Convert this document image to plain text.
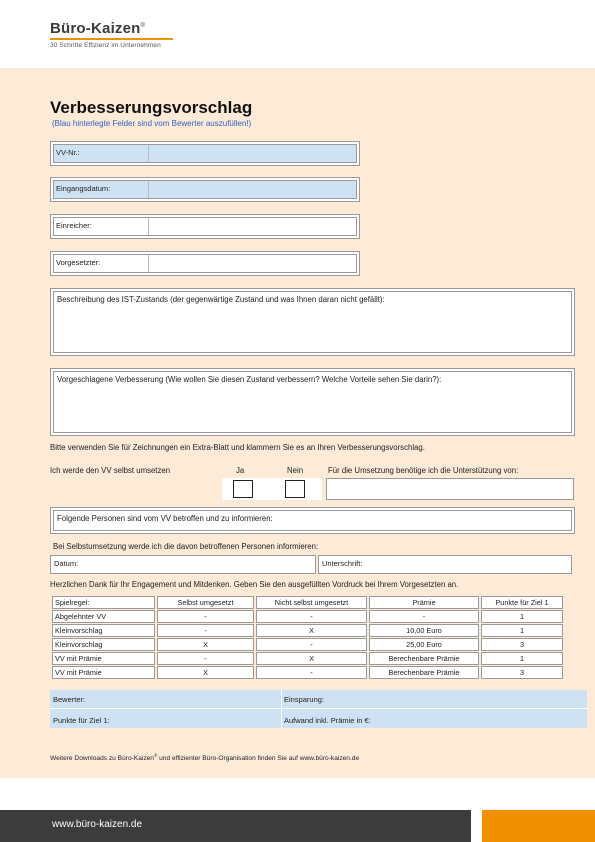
Büro-Kaizen®
30 Schritte Effizienz im Unternehmen
Verbesserungsvorschlag
(Blau hinterlegte Felder sind vom Bewerter auszufüllen!)
VV-Nr.:
Eingangsdatum:
Einreicher:
Vorgesetzter:
Beschreibung des IST-Zustands (der gegenwärtige Zustand und was Ihnen daran nicht gefällt):
Vorgeschlagene Verbesserung (Wie wollen Sie diesen Zustand verbessern? Welche Vorteile sehen Sie darin?):
Bitte verwenden Sie für Zeichnungen ein Extra-Blatt und klammern Sie es an Ihren Verbesserungsvorschlag.
Ich werde den VV selbst umsetzen	Ja	Nein	Für die Umsetzung benötige ich die Unterstützung von:
Folgende Personen sind vom VV betroffen und zu informieren:
Bei Selbstumsetzung werde ich die davon betroffenen Personen informieren:
Datum:	Unterschrift:
Herzlichen Dank für Ihr Engagement und Mitdenken. Geben Sie den ausgefüllten Vordruck bei Ihrem Vorgesetzten an.
Spielregel:	Selbst umgesetzt	Nicht selbst umgesetzt	Prämie	Punkte für Ziel 1
Abgelehnter VV	-	-	-	1
Kleinvorschlag	-	X	10,00 Euro	1
Kleinvorschlag	X	-	25,00 Euro	3
VV mit Prämie	-	X	Berechenbare Prämie	1
VV mit Prämie	X	-	Berechenbare Prämie	3
Bewerter:	Einsparung:
Punkte für Ziel 1:	Aufwand inkl. Prämie in €:
Weitere Downloads zu Büro-Kaizen® und effizienter Büro-Organisation finden Sie auf www.büro-kaizen.de
www.büro-kaizen.de
